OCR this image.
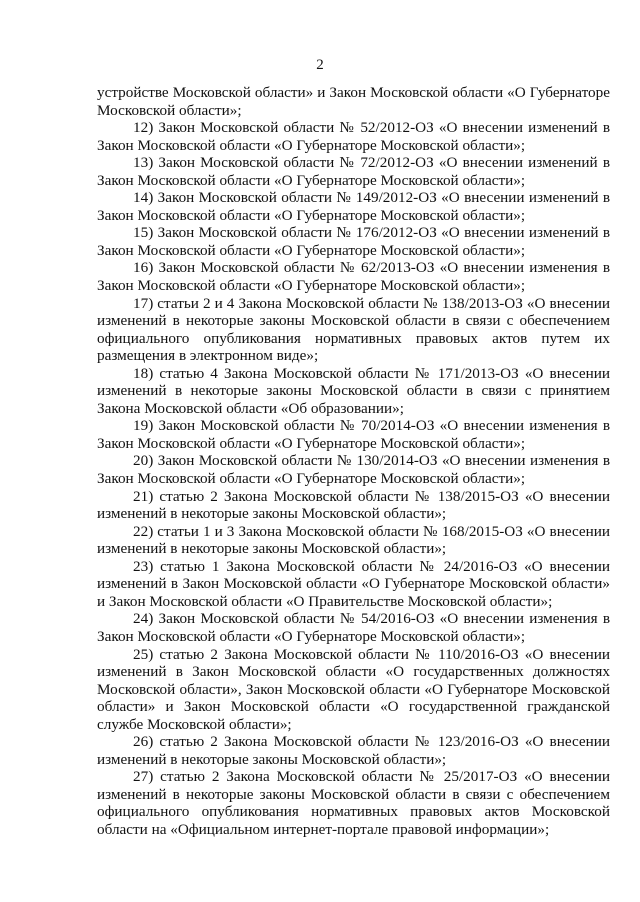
2

устройстве Московской области» и Закон Московской области «О Губернаторе Московской области»;

12) Закон Московской области № 52/2012-ОЗ «О внесении изменений в Закон Московской области «О Губернаторе Московской области»;

13) Закон Московской области № 72/2012-ОЗ «О внесении изменений в Закон Московской области «О Губернаторе Московской области»;

14) Закон Московской области № 149/2012-ОЗ «О внесении изменений в Закон Московской области «О Губернаторе Московской области»;

15) Закон Московской области № 176/2012-ОЗ «О внесении изменений в Закон Московской области «О Губернаторе Московской области»;

16) Закон Московской области № 62/2013-ОЗ «О внесении изменения в Закон Московской области «О Губернаторе Московской области»;

17) статьи 2 и 4 Закона Московской области № 138/2013-ОЗ «О внесении изменений в некоторые законы Московской области в связи с обеспечением официального опубликования нормативных правовых актов путем их размещения в электронном виде»;

18) статью 4 Закона Московской области № 171/2013-ОЗ «О внесении изменений в некоторые законы Московской области в связи с принятием Закона Московской области «Об образовании»;

19) Закон Московской области № 70/2014-ОЗ «О внесении изменения в Закон Московской области «О Губернаторе Московской области»;

20) Закон Московской области № 130/2014-ОЗ «О внесении изменения в Закон Московской области «О Губернаторе Московской области»;

21) статью 2 Закона Московской области № 138/2015-ОЗ «О внесении изменений в некоторые законы Московской области»;

22) статьи 1 и 3 Закона Московской области № 168/2015-ОЗ «О внесении изменений в некоторые законы Московской области»;

23) статью 1 Закона Московской области № 24/2016-ОЗ «О внесении изменений в Закон Московской области «О Губернаторе Московской области» и Закон Московской области «О Правительстве Московской области»;

24) Закон Московской области № 54/2016-ОЗ «О внесении изменения в Закон Московской области «О Губернаторе Московской области»;

25) статью 2 Закона Московской области № 110/2016-ОЗ «О внесении изменений в Закон Московской области «О государственных должностях Московской области», Закон Московской области «О Губернаторе Московской области» и Закон Московской области «О государственной гражданской службе Московской области»;

26) статью 2 Закона Московской области № 123/2016-ОЗ «О внесении изменений в некоторые законы Московской области»;

27) статью 2 Закона Московской области № 25/2017-ОЗ «О внесении изменений в некоторые законы Московской области в связи с обеспечением официального опубликования нормативных правовых актов Московской области на «Официальном интернет-портале правовой информации»;
